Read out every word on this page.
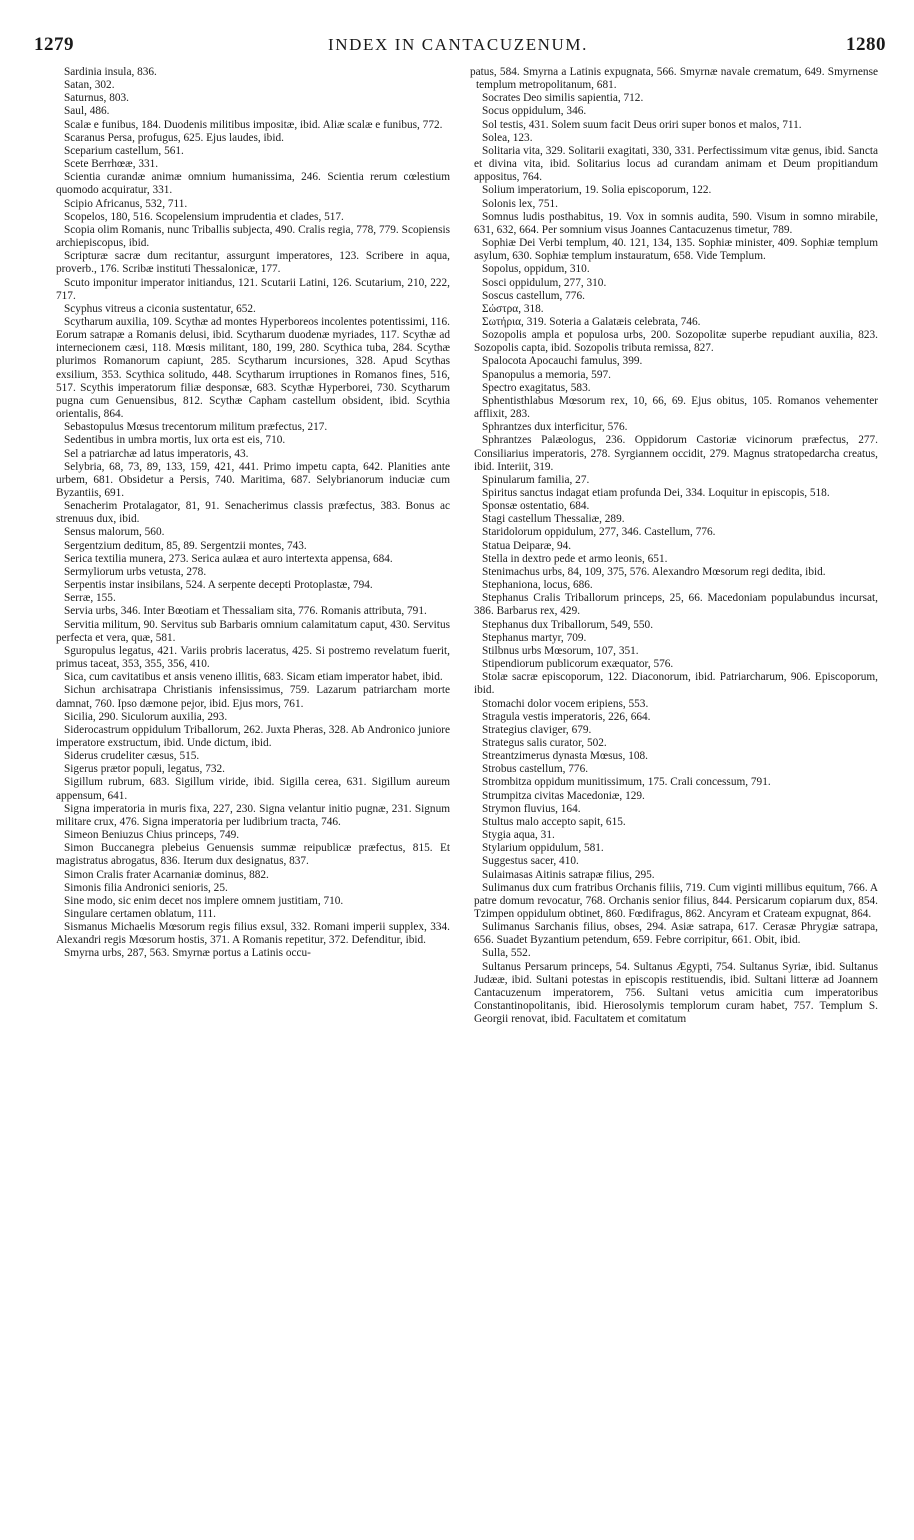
1279	INDEX IN CANTACUZENUM.	1280

Sardinia insula, 836.

Satan, 302.

Saturnus, 803.

Saul, 486.

Scalæ e funibus, 184. Duodenis militibus impositæ, ibid. Aliæ scalæ e funibus, 772.

Scaranus Persa, profugus, 625. Ejus laudes, ibid.

Sceparium castellum, 561.

Scete Berrhœæ, 331.

Scientia curandæ animæ omnium humanissima, 246. Scientia rerum cœlestium quomodo acquiratur, 331.

Scipio Africanus, 532, 711.

Scopelos, 180, 516. Scopelensium imprudentia et clades, 517.

Scopia olim Romanis, nunc Triballis subjecta, 490. Cralis regia, 778, 779. Scopiensis archiepiscopus, ibid.

Scripturæ sacræ dum recitantur, assurgunt imperatores, 123. Scribere in aqua, proverb., 176. Scribæ instituti Thessalonicæ, 177.

Scuto imponitur imperator initiandus, 121. Scutarii Latini, 126. Scutarium, 210, 222, 717.

Scyphus vitreus a ciconia sustentatur, 652.

Scytharum auxilia, 109. Scythæ ad montes Hyperboreos incolentes potentissimi, 116. Eorum satrapæ a Romanis delusi, ibid. Scytharum duodenæ myriades, 117. Scythæ ad internecionem cæsi, 118. Mœsis militant, 180, 199, 280. Scythica tuba, 284. Scythæ plurimos Romanorum capiunt, 285. Scytharum incursiones, 328. Apud Scythas exsilium, 353. Scythica solitudo, 448. Scytharum irruptiones in Romanos fines, 516, 517. Scythis imperatorum filiæ desponsæ, 683. Scythæ Hyperborei, 730. Scytharum pugna cum Genuensibus, 812. Scythæ Capham castellum obsident, ibid. Scythia orientalis, 864.

Sebastopulus Mœsus trecentorum militum præfectus, 217.

Sedentibus in umbra mortis, lux orta est eis, 710.

Sel a patriarchæ ad latus imperatoris, 43.

Selybria, 68, 73, 89, 133, 159, 421, 441. Primo impetu capta, 642. Planities ante urbem, 681. Obsidetur a Persis, 740. Maritima, 687. Selybrianorum induciæ cum Byzantiis, 691.

Senacherim Protalagator, 81, 91. Senacherimus classis præfectus, 383. Bonus ac strenuus dux, ibid.

Sensus malorum, 560.

Sergentzium deditum, 85, 89. Sergentzii montes, 743.

Serica textilia munera, 273. Serica aulæa et auro intertexta appensa, 684.

Sermyliorum urbs vetusta, 278.

Serpentis instar insibilans, 524. A serpente decepti Protoplastæ, 794.

Serræ, 155.

Servia urbs, 346. Inter Bœotiam et Thessaliam sita, 776. Romanis attributa, 791.

Servitia militum, 90. Servitus sub Barbaris omnium calamitatum caput, 430. Servitus perfecta et vera, quæ, 581.

Sguropulus legatus, 421. Variis probris laceratus, 425. Si postremo revelatum fuerit, primus taceat, 353, 355, 356, 410.

Sica, cum cavitatibus et ansis veneno illitis, 683. Sicam etiam imperator habet, ibid.

Sichun archisatrapa Christianis infensissimus, 759. Lazarum patriarcham morte damnat, 760. Ipso dæmone pejor, ibid. Ejus mors, 761.

Sicilia, 290. Siculorum auxilia, 293.

Siderocastrum oppidulum Triballorum, 262. Juxta Pheras, 328. Ab Andronico juniore imperatore exstructum, ibid. Unde dictum, ibid.

Siderus crudeliter cæsus, 515.

Sigerus prætor populi, legatus, 732.

Sigillum rubrum, 683. Sigillum viride, ibid. Sigilla cerea, 631. Sigillum aureum appensum, 641.

Signa imperatoria in muris fixa, 227, 230. Signa velantur initio pugnæ, 231. Signum militare crux, 476. Signa imperatoria per ludibrium tracta, 746.

Simeon Beniuzus Chius princeps, 749.

Simon Buccanegra plebeius Genuensis summæ reipublicæ præfectus, 815. Et magistratus abrogatus, 836. Iterum dux designatus, 837.

Simon Cralis frater Acarnaniæ dominus, 882.

Simonis filia Andronici senioris, 25.

Sine modo, sic enim decet nos implere omnem justitiam, 710.

Singulare certamen oblatum, 111.

Sismanus Michaelis Mœsorum regis filius exsul, 332. Romani imperii supplex, 334. Alexandri regis Mœsorum hostis, 371. A Romanis repetitur, 372. Defenditur, ibid.

Smyrna urbs, 287, 563. Smyrnæ portus a Latinis occu-

patus, 584. Smyrna a Latinis expugnata, 566. Smyrnæ navale crematum, 649. Smyrnense templum metropolitanum, 681.

Socrates Deo similis sapientia, 712.

Socus oppidulum, 346.

Sol testis, 431. Solem suum facit Deus oriri super bonos et malos, 711.

Solea, 123.

Solitaria vita, 329. Solitarii exagitati, 330, 331. Perfectissimum vitæ genus, ibid. Sancta et divina vita, ibid. Solitarius locus ad curandam animam et Deum propitiandum appositus, 764.

Solium imperatorium, 19. Solia episcoporum, 122.

Solonis lex, 751.

Somnus ludis posthabitus, 19. Vox in somnis audita, 590. Visum in somno mirabile, 631, 632, 664. Per somnium visus Joannes Cantacuzenus timetur, 789.

Sophiæ Dei Verbi templum, 40. 121, 134, 135. Sophiæ minister, 409. Sophiæ templum asylum, 630. Sophiæ templum instauratum, 658. Vide Templum.

Sopolus, oppidum, 310.

Sosci oppidulum, 277, 310.

Soscus castellum, 776.

Σώστρα, 318.

Σωτήρια, 319. Soteria a Galatæis celebrata, 746.

Sozopolis ampla et populosa urbs, 200. Sozopolitæ superbe repudiant auxilia, 823. Sozopolis capta, ibid. Sozopolis tributa remissa, 827.

Spalocota Apocauchi famulus, 399.

Spanopulus a memoria, 597.

Spectro exagitatus, 583.

Sphentisthlabus Mœsorum rex, 10, 66, 69. Ejus obitus, 105. Romanos vehementer afflixit, 283.

Sphrantzes dux interficitur, 576.

Sphrantzes Palæologus, 236. Oppidorum Castoriæ vicinorum præfectus, 277. Consiliarius imperatoris, 278. Syrgiannem occidit, 279. Magnus stratopedarcha creatus, ibid. Interiit, 319.

Spinularum familia, 27.

Spiritus sanctus indagat etiam profunda Dei, 334. Loquitur in episcopis, 518.

Sponsæ ostentatio, 684.

Stagi castellum Thessaliæ, 289.

Staridolorum oppidulum, 277, 346. Castellum, 776.

Statua Deiparæ, 94.

Stella in dextro pede et armo leonis, 651.

Stenimachus urbs, 84, 109, 375, 576. Alexandro Mœsorum regi dedita, ibid.

Stephaniona, locus, 686.

Stephanus Cralis Triballorum princeps, 25, 66. Macedoniam populabundus incursat, 386. Barbarus rex, 429.

Stephanus dux Triballorum, 549, 550.

Stephanus martyr, 709.

Stilbnus urbs Mœsorum, 107, 351.

Stipendiorum publicorum exæquator, 576.

Stolæ sacræ episcoporum, 122. Diaconorum, ibid. Patriarcharum, 906. Episcoporum, ibid.

Stomachi dolor vocem eripiens, 553.

Stragula vestis imperatoris, 226, 664.

Strategius claviger, 679.

Strategus salis curator, 502.

Streantzimerus dynasta Mœsus, 108.

Strobus castellum, 776.

Strombitza oppidum munitissimum, 175. Crali concessum, 791.

Strumpitza civitas Macedoniæ, 129.

Strymon fluvius, 164.

Stultus malo accepto sapit, 615.

Stygia aqua, 31.

Stylarium oppidulum, 581.

Suggestus sacer, 410.

Sulaimasas Aitinis satrapæ filius, 295.

Sulimanus dux cum fratribus Orchanis filiis, 719. Cum viginti millibus equitum, 766. A patre domum revocatur, 768. Orchanis senior filius, 844. Persicarum copiarum dux, 854. Tzimpen oppidulum obtinet, 860. Fœdifragus, 862. Ancyram et Crateam expugnat, 864.

Sulimanus Sarchanis filius, obses, 294. Asiæ satrapa, 617. Cerasæ Phrygiæ satrapa, 656. Suadet Byzantium petendum, 659. Febre corripitur, 661. Obit, ibid.

Sulla, 552.

Sultanus Persarum princeps, 54. Sultanus Ægypti, 754. Sultanus Syriæ, ibid. Sultanus Judææ, ibid. Sultani potestas in episcopis restituendis, ibid. Sultani litteræ ad Joannem Cantacuzenum imperatorem, 756. Sultani vetus amicitia cum imperatoribus Constantinopolitanis, ibid. Hierosolymis templorum curam habet, 757. Templum S. Georgii renovat, ibid. Facultatem et comitatum
